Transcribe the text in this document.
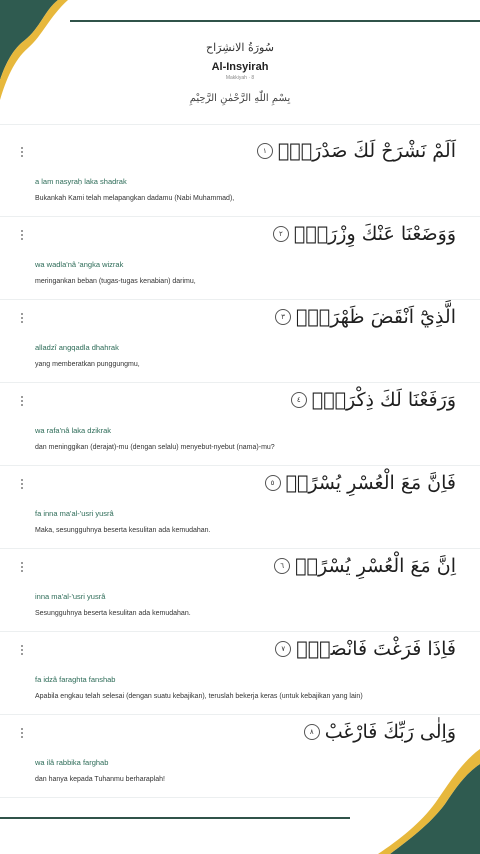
سُورَةُ الانشِرَاح
Al-Insyirah
Makkiyah · 8
بِسْمِ اللّٰهِ الرَّحْمٰنِ الرَّحِيْمِ
اَلَمْ نَشْرَحْ لَكَ صَدْرَكَۙ
١
a lam nasyraḥ laka shadrak
Bukankah Kami telah melapangkan dadamu (Nabi Muhammad),
وَوَضَعْنَا عَنْكَ وِزْرَكَۙ
٢
wa wadla'nâ 'angka wizrak
meringankan beban (tugas-tugas kenabian) darimu,
الَّذِيْٓ اَنْقَضَ ظَهْرَكَۙ
٣
alladzî angqadla dhahrak
yang memberatkan punggungmu,
وَرَفَعْنَا لَكَ ذِكْرَكَۗ
٤
wa rafa'nâ laka dzikrak
dan meninggikan (derajat)-mu (dengan selalu) menyebut-nyebut (nama)-mu?
فَاِنَّ مَعَ الْعُسْرِ يُسْرًاۙ
٥
fa inna ma'al-'usri yusrâ
Maka, sesungguhnya beserta kesulitan ada kemudahan.
اِنَّ مَعَ الْعُسْرِ يُسْرًاۗ
٦
inna ma'al-'usri yusrâ
Sesungguhnya beserta kesulitan ada kemudahan.
فَاِذَا فَرَغْتَ فَانْصَبْۙ
٧
fa idzâ faraghta fanshab
Apabila engkau telah selesai (dengan suatu kebajikan), teruslah bekerja keras (untuk kebajikan yang lain)
وَاِلٰى رَبِّكَ فَارْغَبْ
٨
wa ilâ rabbika farghab
dan hanya kepada Tuhanmu berharaplah!
